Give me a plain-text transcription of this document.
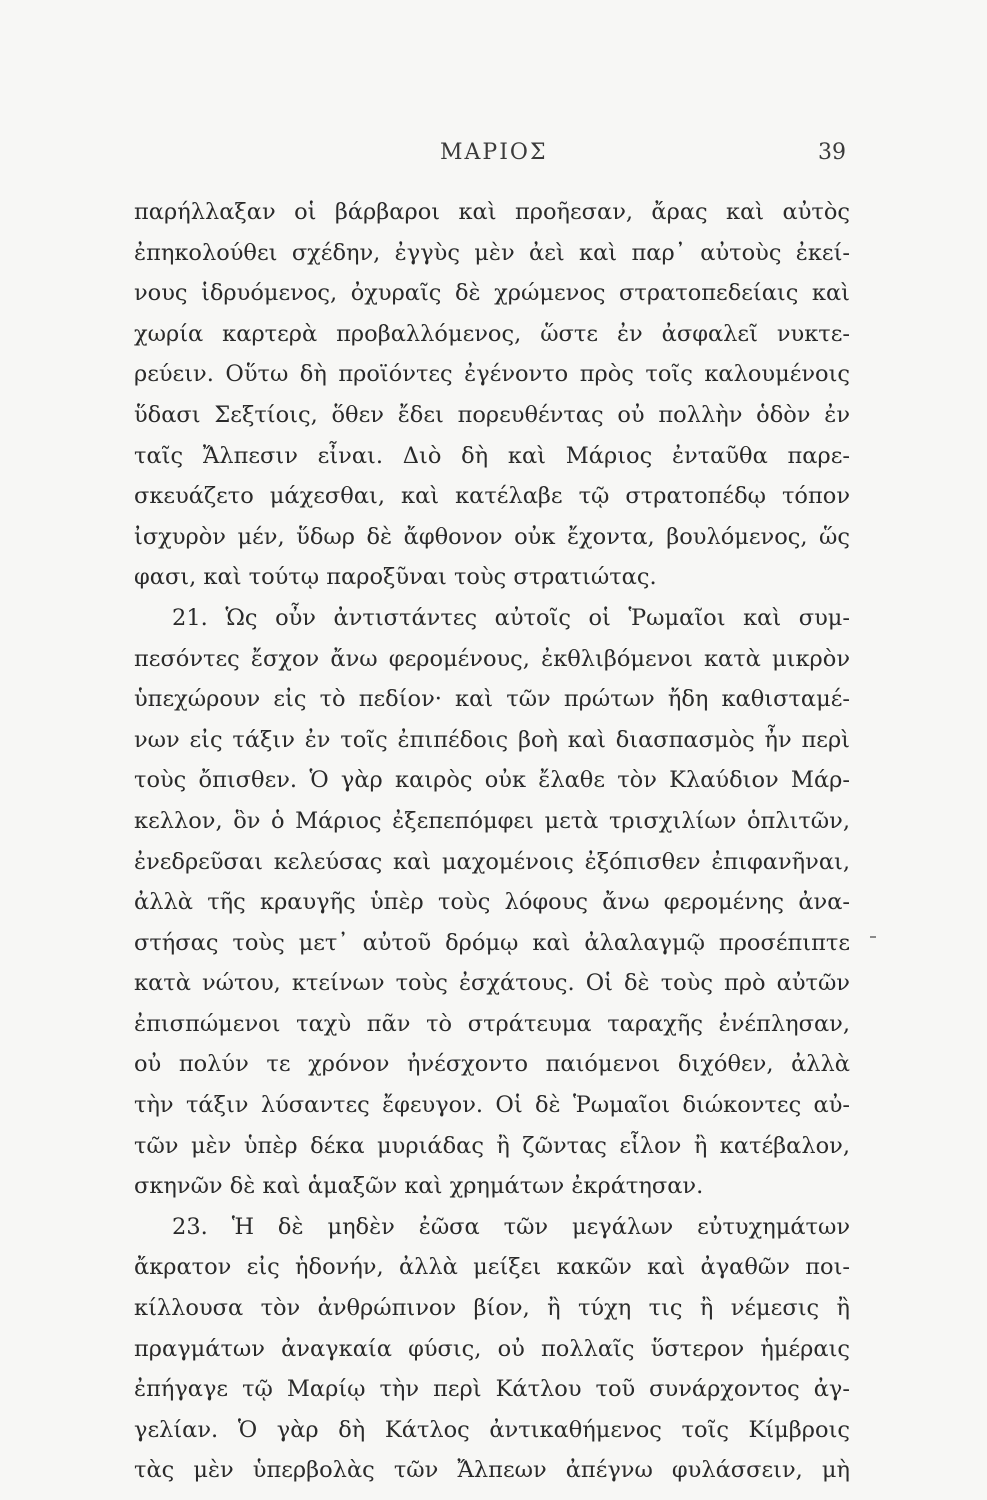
ΜΑΡΙΟΣ	39
παρήλλαξαν οἱ βάρβαροι καὶ προῆεσαν, ἄρας καὶ αὐτὸς
ἐπηκολούθει σχέδην, ἐγγὺς μὲν ἀεὶ καὶ παρ᾽ αὐτοὺς ἐκεί-
νους ἱδρυόμενος, ὀχυραῖς δὲ χρώμενος στρατοπεδείαις καὶ
χωρία καρτερὰ προβαλλόμενος, ὥστε ἐν ἀσφαλεῖ νυκτε-
ρεύειν. Οὕτω δὴ προϊόντες ἐγένοντο πρὸς τοῖς καλουμένοις
ὕδασι Σεξτίοις, ὅθεν ἔδει πορευθέντας οὐ πολλὴν ὁδὸν ἐν
ταῖς Ἄλπεσιν εἶναι. Διὸ δὴ καὶ Μάριος ἐνταῦθα παρε-
σκευάζετο μάχεσθαι, καὶ κατέλαβε τῷ στρατοπέδῳ τόπον
ἰσχυρὸν μέν, ὕδωρ δὲ ἄφθονον οὐκ ἔχοντα, βουλόμενος, ὥς
φασι, καὶ τούτῳ παροξῦναι τοὺς στρατιώτας.
21. Ὡς οὖν ἀντιστάντες αὐτοῖς οἱ Ῥωμαῖοι καὶ συμ-
πεσόντες ἔσχον ἄνω φερομένους, ἐκθλιβόμενοι κατὰ μικρὸν
ὑπεχώρουν εἰς τὸ πεδίον· καὶ τῶν πρώτων ἤδη καθισταμέ-
νων εἰς τάξιν ἐν τοῖς ἐπιπέδοις βοὴ καὶ διασπασμὸς ἦν περὶ
τοὺς ὄπισθεν. Ὁ γὰρ καιρὸς οὐκ ἔλαθε τὸν Κλαύδιον Μάρ-
κελλον, ὃν ὁ Μάριος ἐξεπεπόμφει μετὰ τρισχιλίων ὁπλιτῶν,
ἐνεδρεῦσαι κελεύσας καὶ μαχομένοις ἐξόπισθεν ἐπιφανῆναι,
ἀλλὰ τῆς κραυγῆς ὑπὲρ τοὺς λόφους ἄνω φερομένης ἀνα-
στήσας τοὺς μετ᾽ αὐτοῦ δρόμῳ καὶ ἀλαλαγμῷ προσέπιπτε
κατὰ νώτου, κτείνων τοὺς ἐσχάτους. Οἱ δὲ τοὺς πρὸ αὐτῶν
ἐπισπώμενοι ταχὺ πᾶν τὸ στράτευμα ταραχῆς ἐνέπλησαν,
οὐ πολύν τε χρόνον ἠνέσχοντο παιόμενοι διχόθεν, ἀλλὰ
τὴν τάξιν λύσαντες ἔφευγον. Οἱ δὲ Ῥωμαῖοι διώκοντες αὐ-
τῶν μὲν ὑπὲρ δέκα μυριάδας ἢ ζῶντας εἷλον ἢ κατέβαλον,
σκηνῶν δὲ καὶ ἁμαξῶν καὶ χρημάτων ἐκράτησαν.
23. Ἡ δὲ μηδὲν ἐῶσα τῶν μεγάλων εὐτυχημάτων
ἄκρατον εἰς ἡδονήν, ἀλλὰ μείξει κακῶν καὶ ἀγαθῶν ποι-
κίλλουσα τὸν ἀνθρώπινον βίον, ἢ τύχη τις ἢ νέμεσις ἢ
πραγμάτων ἀναγκαία φύσις, οὐ πολλαῖς ὕστερον ἡμέραις
ἐπήγαγε τῷ Μαρίῳ τὴν περὶ Κάτλου τοῦ συνάρχοντος ἀγ-
γελίαν. Ὁ γὰρ δὴ Κάτλος ἀντικαθήμενος τοῖς Κίμβροις
τὰς μὲν ὑπερβολὰς τῶν Ἄλπεων ἀπέγνω φυλάσσειν, μὴ
